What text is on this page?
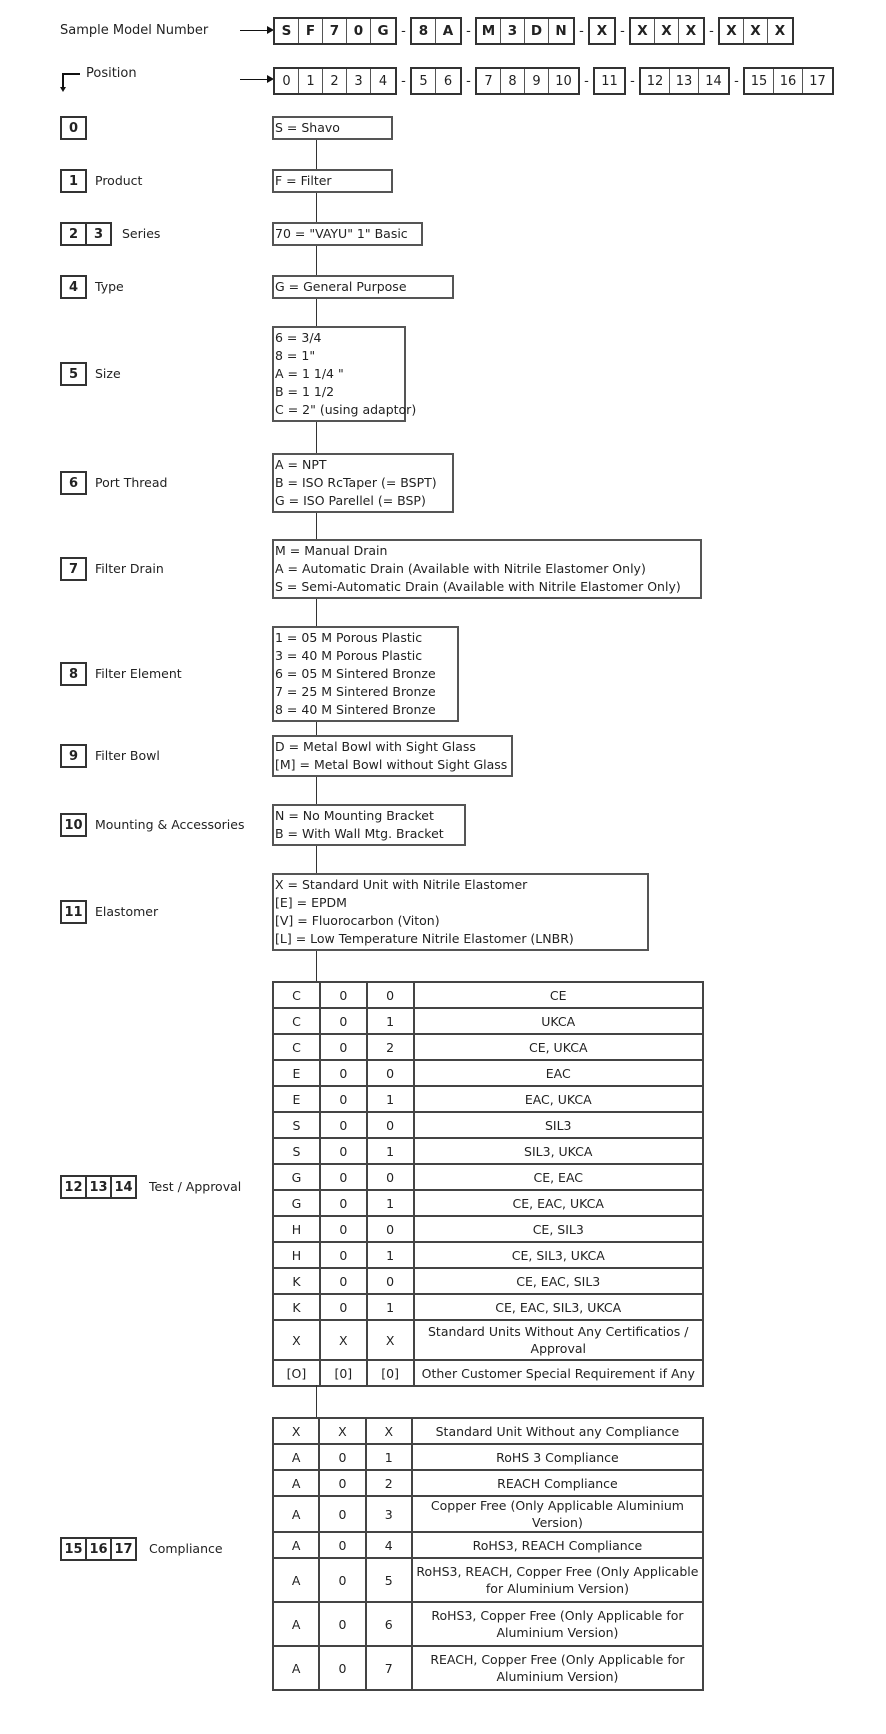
Sample Model Number	S	F	7	0	G - 8	A - M 3	D N - X - X	X	X - X	X	X
Position	0	1	2	3	4	-	5	6	-	7	8	9	10 - 11 - 12 13 14 - 15 16 17
S = Shavo
0
F = Filter
1	Product
70 = "VAYU" 1" Basic
2	3	Series
G = General Purpose
4	Type
6 = 3/4
8 = 1"
A = 1 1/4 "
B = 1 1/2
C = 2" (using adaptor)
5	Size
A = NPT
B = ISO RcTaper (= BSPT)
G = ISO Parellel (= BSP)
6	Port Thread
M = Manual Drain
A = Automatic Drain (Available with Nitrile Elastomer Only)
S = Semi-Automatic Drain (Available with Nitrile Elastomer Only)
7	Filter Drain
1 = 05 M Porous Plastic
3 = 40 M Porous Plastic
6 = 05 M Sintered Bronze
7 = 25 M Sintered Bronze
8 = 40 M Sintered Bronze
8	Filter Element
D = Metal Bowl with Sight Glass
[M] = Metal Bowl without Sight Glass
9	Filter Bowl
N = No Mounting Bracket
B = With Wall Mtg. Bracket
10 Mounting & Accessories
X = Standard Unit with Nitrile Elastomer
[E] = EPDM
[V] = Fluorocarbon (Viton)
[L] = Low Temperature Nitrile Elastomer (LNBR)
11 Elastomer
C	0	0	CE
C	0	1	UKCA
C	0	2	CE, UKCA
E	0	0	EAC
E	0	1	EAC, UKCA
S	0	0	SIL3
S	0	1	SIL3, UKCA
G	0	0	CE, EAC
G	0	1	CE, EAC, UKCA
H	0	0	CE, SIL3
H	0	1	CE, SIL3, UKCA
K	0	0	CE, EAC, SIL3
K	0	1	CE, EAC, SIL3, UKCA
X	X	X	Standard Units Without Any Certificatios / Approval
[O]	[0]	[0]	Other Customer Special Requirement if Any
12 13 14	Test / Approval
X	X	X	Standard Unit Without any Compliance
A	0	1	RoHS 3 Compliance
A	0	2	REACH Compliance
A	0	3	Copper Free (Only Applicable Aluminium Version)
A	0	4	RoHS3, REACH Compliance
A	0	5	RoHS3, REACH, Copper Free (Only Applicable for Aluminium Version)
A	0	6	RoHS3, Copper Free (Only Applicable for Aluminium Version)
A	0	7	REACH, Copper Free (Only Applicable for Aluminium Version)
15 16 17	Compliance
